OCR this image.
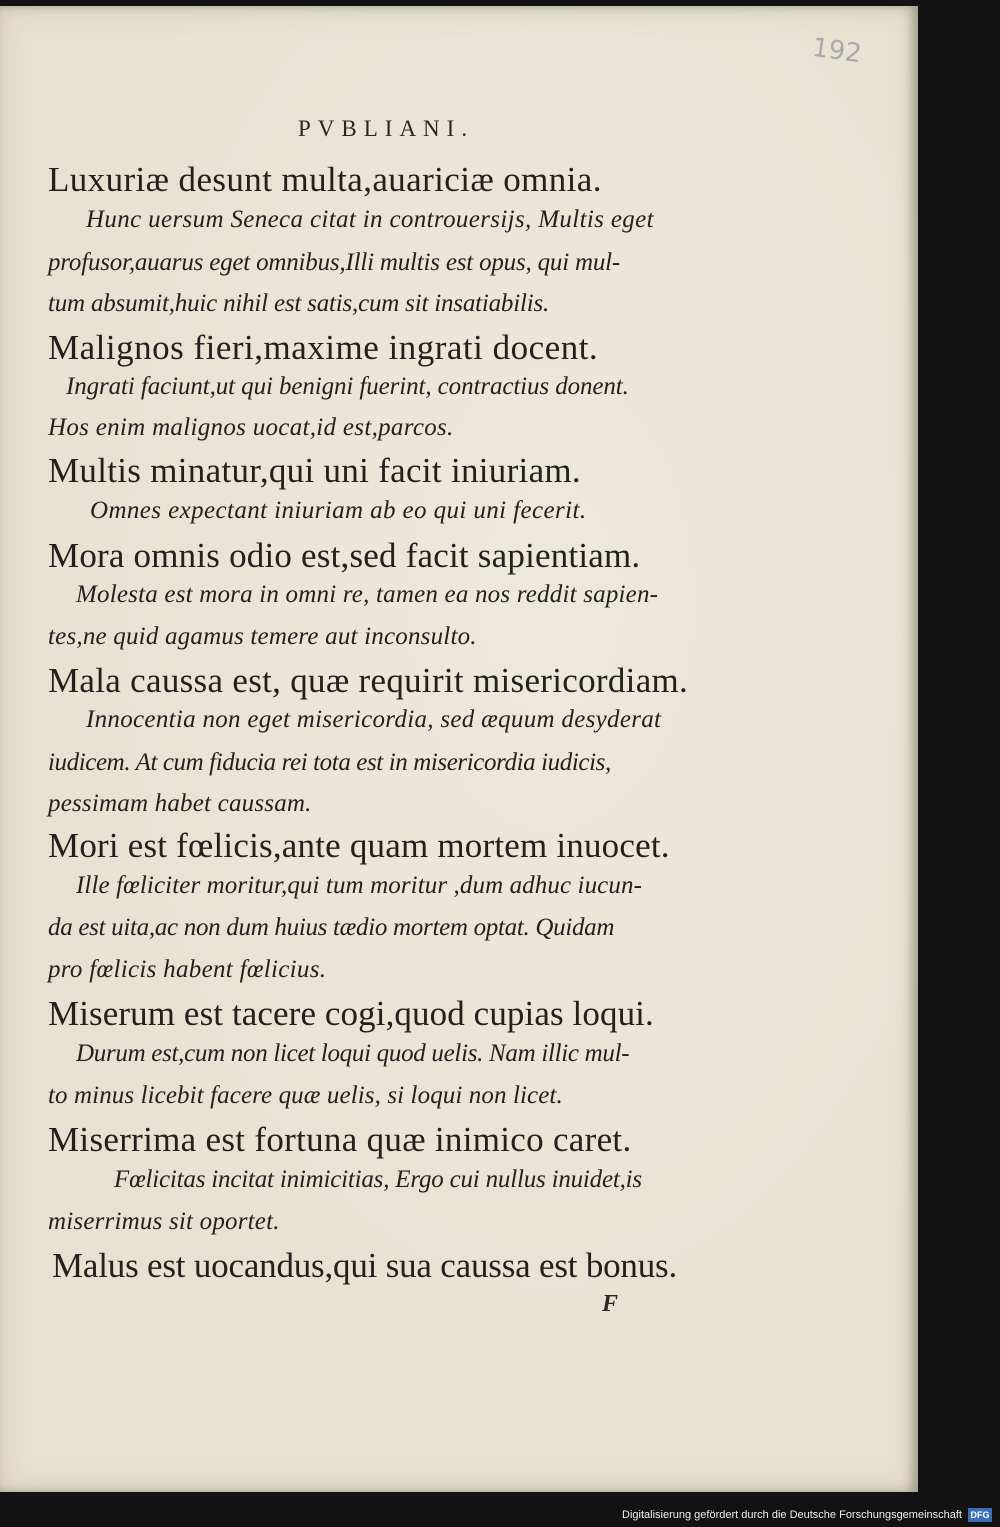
192
PVBLIANI.
Luxuriæ desunt multa,auariciæ omnia.
Hunc uersum Seneca citat in controuersijs, Multis eget
profusor,auarus eget omnibus,Illi multis est opus, qui mul-
tum absumit,huic nihil est satis,cum sit insatiabilis.
Malignos fieri,maxime ingrati docent.
Ingrati faciunt,ut qui benigni fuerint, contractius donent.
Hos enim malignos uocat,id est,parcos.
Multis minatur,qui uni facit iniuriam.
Omnes expectant iniuriam ab eo qui uni fecerit.
Mora omnis odio est,sed facit sapientiam.
Molesta est mora in omni re, tamen ea nos reddit sapien-
tes,ne quid agamus temere aut inconsulto.
Mala caussa est, quæ requirit misericordiam.
Innocentia non eget misericordia, sed æquum desyderat
iudicem. At cum fiducia rei tota est in misericordia iudicis,
pessimam habet caussam.
Mori est fœlicis,ante quam mortem inuocet.
Ille fœliciter moritur,qui tum moritur ,dum adhuc iucun-
da est uita,ac non dum huius tædio mortem optat. Quidam
pro fœlicis habent fœlicius.
Miserum est tacere cogi,quod cupias loqui.
Durum est,cum non licet loqui quod uelis. Nam illic mul-
to minus licebit facere quæ uelis, si loqui non licet.
Miserrima est fortuna quæ inimico caret.
Fœlicitas incitat inimicitias, Ergo cui nullus inuidet,is
miserrimus sit oportet.
Malus est uocandus,qui sua caussa est bonus.
F
Digitalisierung gefördert durch die Deutsche Forschungsgemeinschaft DFG
